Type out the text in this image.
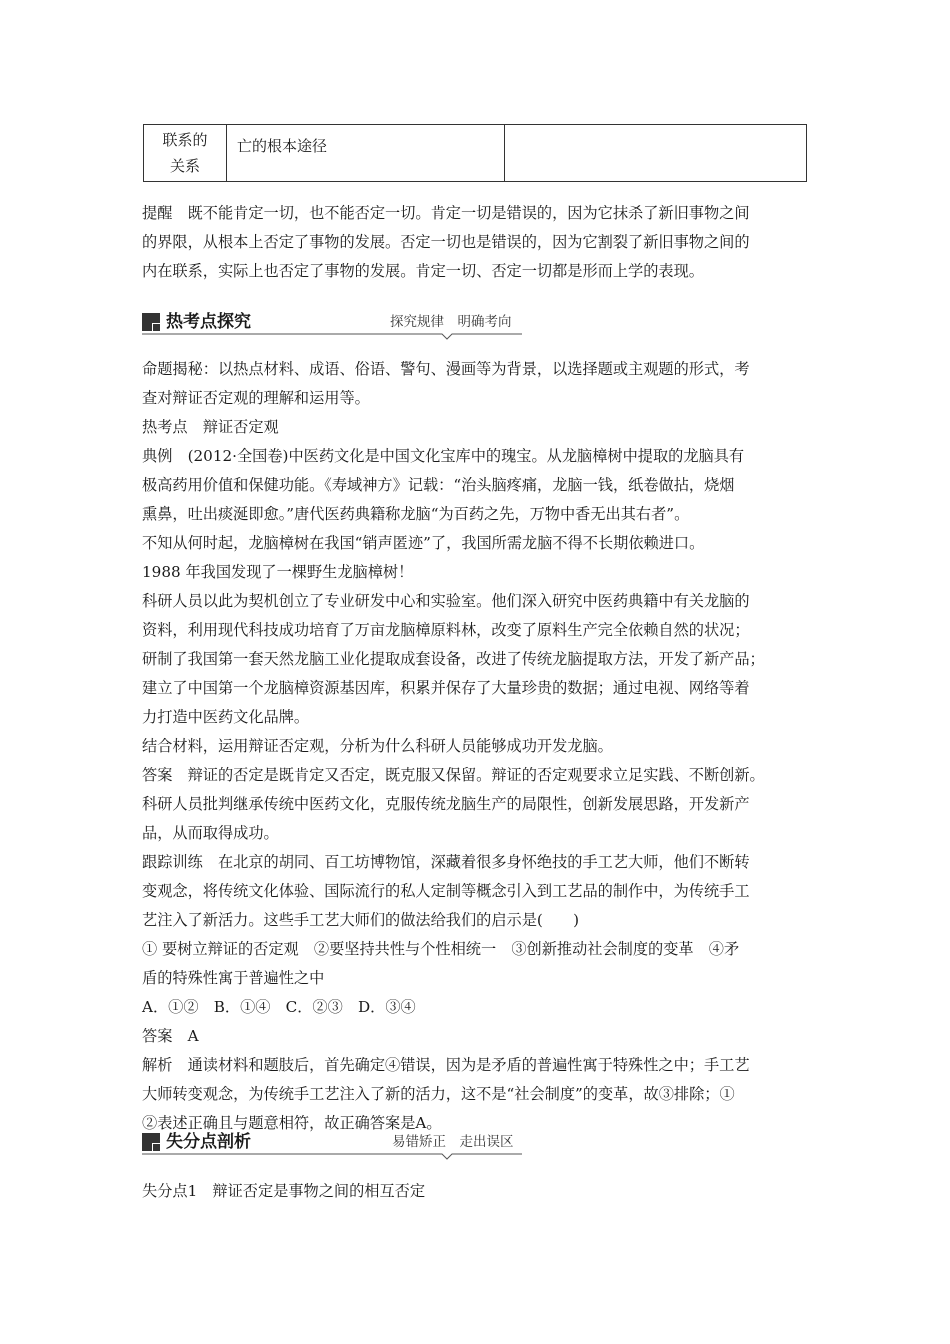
联系的
关系
亡的根本途径

提醒　既不能肯定一切，也不能否定一切。肯定一切是错误的，因为它抹杀了新旧事物之间

的界限，从根本上否定了事物的发展。否定一切也是错误的，因为它割裂了新旧事物之间的

内在联系，实际上也否定了事物的发展。肯定一切、否定一切都是形而上学的表现。

热考点探究	探究规律　明确考向

命题揭秘：以热点材料、成语、俗语、警句、漫画等为背景，以选择题或主观题的形式，考

查对辩证否定观的理解和运用等。

热考点　辩证否定观

典例　(2012·全国卷)中医药文化是中国文化宝库中的瑰宝。从龙脑樟树中提取的龙脑具有

极高药用价值和保健功能。《寿域神方》记载：“治头脑疼痛，龙脑一钱，纸卷做拈，烧烟

熏鼻，吐出痰涎即愈。”唐代医药典籍称龙脑“为百药之先，万物中香无出其右者”。

不知从何时起，龙脑樟树在我国“销声匿迹”了，我国所需龙脑不得不长期依赖进口。

1988 年我国发现了一棵野生龙脑樟树！

科研人员以此为契机创立了专业研发中心和实验室。他们深入研究中医药典籍中有关龙脑的

资料，利用现代科技成功培育了万亩龙脑樟原料林，改变了原料生产完全依赖自然的状况；

研制了我国第一套天然龙脑工业化提取成套设备，改进了传统龙脑提取方法，开发了新产品；

建立了中国第一个龙脑樟资源基因库，积累并保存了大量珍贵的数据；通过电视、网络等着

力打造中医药文化品牌。

结合材料，运用辩证否定观，分析为什么科研人员能够成功开发龙脑。

答案　辩证的否定是既肯定又否定，既克服又保留。辩证的否定观要求立足实践、不断创新。

科研人员批判继承传统中医药文化，克服传统龙脑生产的局限性，创新发展思路，开发新产

品，从而取得成功。

跟踪训练　在北京的胡同、百工坊博物馆，深藏着很多身怀绝技的手工艺大师，他们不断转

变观念，将传统文化体验、国际流行的私人定制等概念引入到工艺品的制作中，为传统手工

艺注入了新活力。这些手工艺大师们的做法给我们的启示是(　　)

① 要树立辩证的否定观　②要坚持共性与个性相统一　③创新推动社会制度的变革　④矛

盾的特殊性寓于普遍性之中

A．①②　B．①④　C．②③　D．③④

答案　A

解析　通读材料和题肢后，首先确定④错误，因为是矛盾的普遍性寓于特殊性之中；手工艺

大师转变观念，为传统手工艺注入了新的活力，这不是“社会制度”的变革，故③排除；①

②表述正确且与题意相符，故正确答案是A。

失分点剖析	易错矫正　走出误区

失分点1　辩证否定是事物之间的相互否定
